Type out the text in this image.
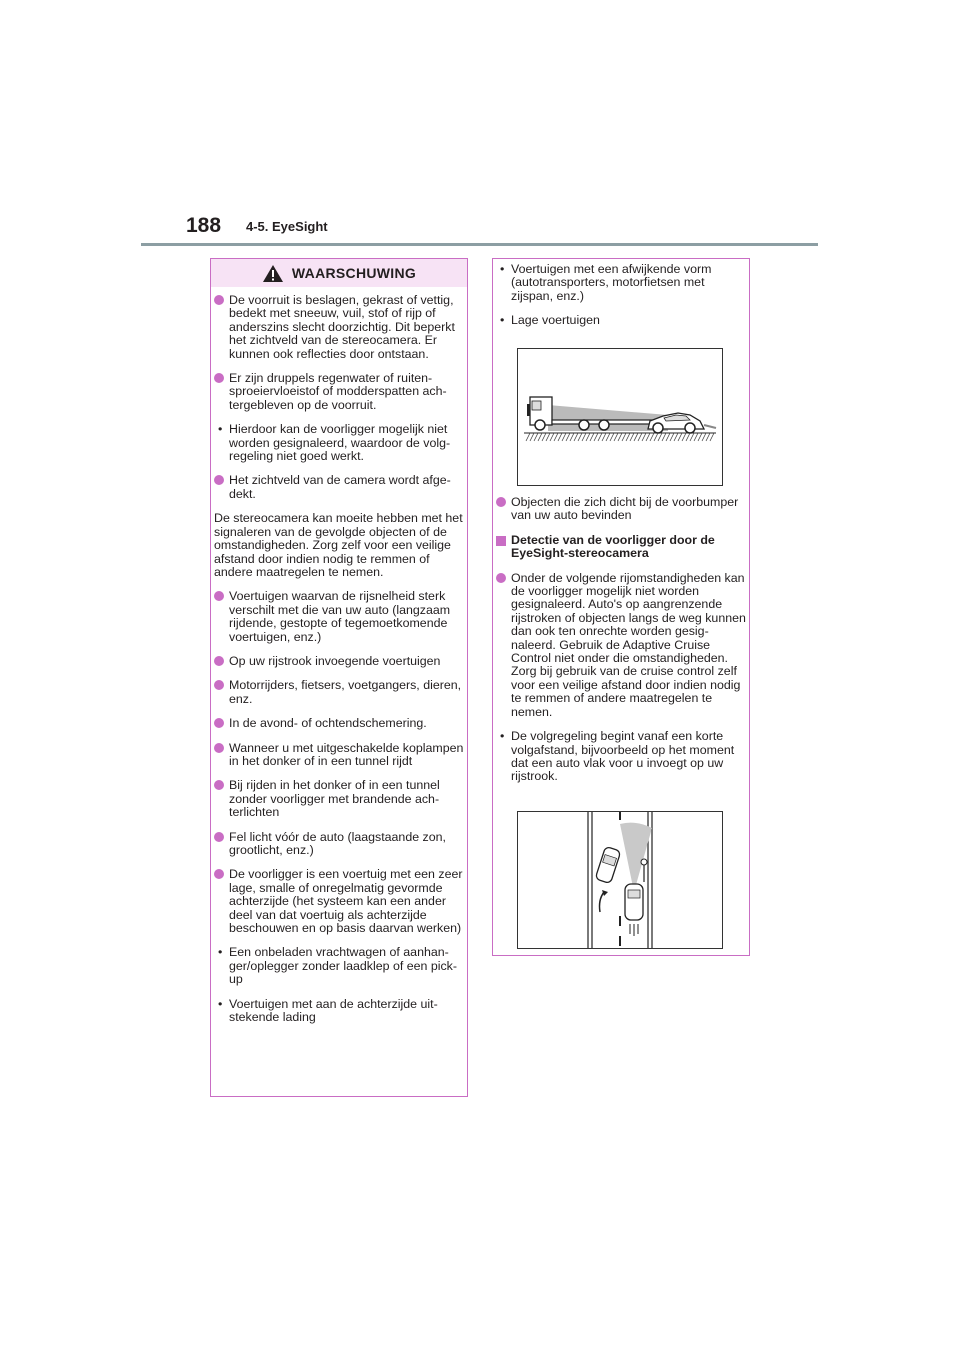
188 4-5. EyeSight
WAARSCHUWING
De voorruit is beslagen, gekrast of vettig, bedekt met sneeuw, vuil, stof of rijp of anderszins slecht doorzichtig. Dit beperkt het zichtveld van de stereocamera. Er kunnen ook reflecties door ontstaan.
Er zijn druppels regenwater of ruitensproeiervloeistof of modderspatten achtergebleven op de voorruit.
• Hierdoor kan de voorligger mogelijk niet worden gesignaleerd, waardoor de volgregeling niet goed werkt.
Het zichtveld van de camera wordt afgedekt.

De stereocamera kan moeite hebben met het signaleren van de gevolgde objecten of de omstandigheden. Zorg zelf voor een veilige afstand door indien nodig te remmen of andere maatregelen te nemen.

Voertuigen waarvan de rijsnelheid sterk verschilt met die van uw auto (langzaam rijdende, gestopte of tegemoetkomende voertuigen, enz.)
Op uw rijstrook invoegende voertuigen
Motorrijders, fietsers, voetgangers, dieren, enz.
In de avond- of ochtendschemering.
Wanneer u met uitgeschakelde koplampen in het donker of in een tunnel rijdt
Bij rijden in het donker of in een tunnel zonder voorligger met brandende achterlichten
Fel licht vóór de auto (laagstaande zon, grootlicht, enz.)
De voorligger is een voertuig met een zeer lage, smalle of onregelmatig gevormde achterzijde (het systeem kan een ander deel van dat voertuig als achterzijde beschouwen en op basis daarvan werken)
• Een onbeladen vrachtwagen of aanhanger/oplegger zonder laadklep of een pick-up
• Voertuigen met aan de achterzijde uitstekende lading
• Voertuigen met een afwijkende vorm (autotransporters, motorfietsen met zijspan, enz.)
• Lage voertuigen
Objecten die zich dicht bij de voorbumper van uw auto bevinden
Detectie van de voorligger door de EyeSight-stereocamera
Onder de volgende rijomstandigheden kan de voorligger mogelijk niet worden gesignaleerd. Auto's op aangrenzende rijstroken of objecten langs de weg kunnen dan ook ten onrechte worden gesignaleerd. Gebruik de Adaptive Cruise Control niet onder die omstandigheden. Zorg bij gebruik van de cruise control zelf voor een veilige afstand door indien nodig te remmen of andere maatregelen te nemen.
• De volgregeling begint vanaf een korte volgafstand, bijvoorbeeld op het moment dat een auto vlak voor u invoegt op uw rijstrook.
